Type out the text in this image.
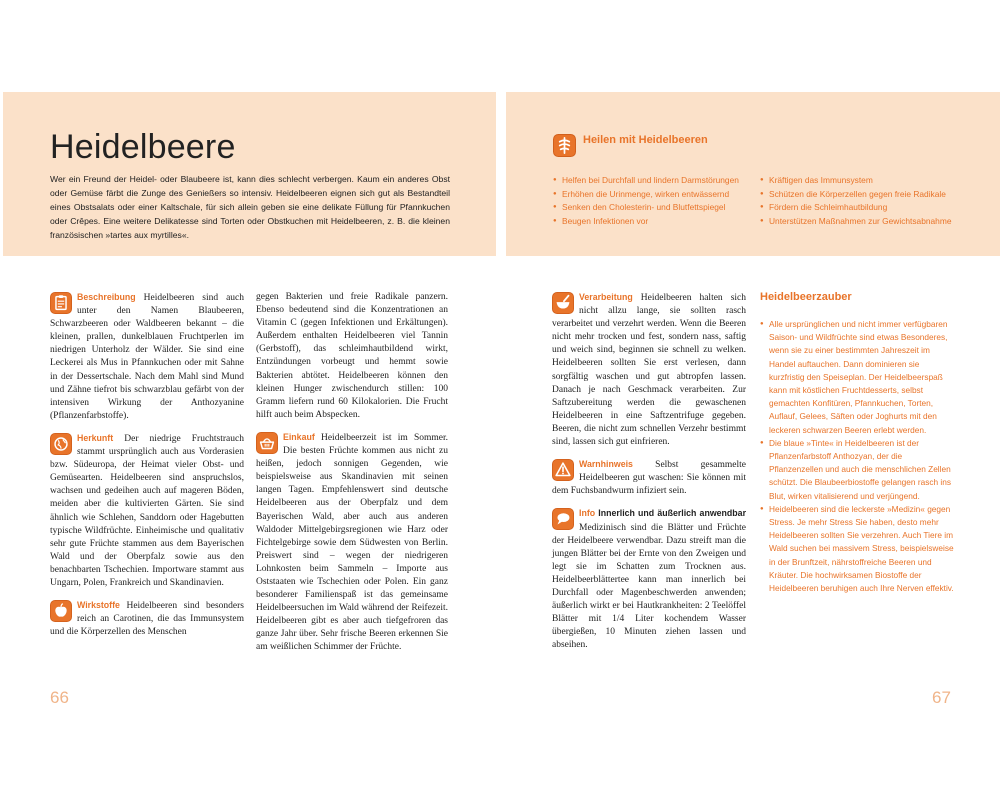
Heidelbeere
Wer ein Freund der Heidel- oder Blaubeere ist, kann dies schlecht verbergen. Kaum ein anderes Obst oder Gemüse färbt die Zunge des Genießers so intensiv. Heidelbeeren eignen sich gut als Bestandteil eines Obstsalats oder einer Kaltschale, für sich allein geben sie eine delikate Füllung für Pfannkuchen oder Crêpes. Eine weitere Delikatesse sind Torten oder Obstkuchen mit Heidelbeeren, z. B. die kleinen französischen »tartes aux myrtilles«.
Heilen mit Heidelbeeren
● Helfen bei Durchfall und lindern Darmstörungen
● Erhöhen die Urinmenge, wirken entwässernd
● Senken den Cholesterin- und Blutfettspiegel
● Beugen Infektionen vor
● Kräftigen das Immunsystem
● Schützen die Körperzellen gegen freie Radikale
● Fördern die Schleimhautbildung
● Unterstützen Maßnahmen zur Gewichtsabnahme

Beschreibung Heidelbeeren sind auch unter den Namen Blaubeeren, Schwarzbeeren oder Waldbeeren bekannt – die kleinen, prallen, dunkelblauen Fruchtperlen im niedrigen Unterholz der Wälder. Sie sind eine Leckerei als Mus in Pfannkuchen oder mit Sahne in der Dessertschale. Nach dem Mahl sind Mund und Zähne tiefrot bis schwarzblau gefärbt von der intensiven Wirkung der Anthozyanine (Pflanzenfarbstoffe).

Herkunft Der niedrige Fruchtstrauch stammt ursprünglich auch aus Vorderasien bzw. Südeuropa, der Heimat vieler Obst- und Gemüsearten. Heidelbeeren sind anspruchslos, wachsen und gedeihen auch auf mageren Böden, meiden aber die kultivierten Gärten. Sie sind ähnlich wie Schlehen, Sanddorn oder Hagebutten typische Wildfrüchte. Einheimische und qualitativ sehr gute Früchte stammen aus dem Bayerischen Wald und der Oberpfalz sowie aus den benachbarten Tschechien. Importware stammt aus Ungarn, Polen, Frankreich und Skandinavien.

Wirkstoffe Heidelbeeren sind besonders reich an Carotinen, die das Immunsystem und die Körperzellen des Menschen

gegen Bakterien und freie Radikale panzern. Ebenso bedeutend sind die Konzentrationen an Vitamin C (gegen Infektionen und Erkältungen). Außerdem enthalten Heidelbeeren viel Tannin (Gerbstoff), das schleimhautbildend wirkt, Entzündungen vorbeugt und hemmt sowie Bakterien abtötet. Heidelbeeren können den kleinen Hunger zwischendurch stillen: 100 Gramm liefern rund 60 Kilokalorien. Die Frucht hilft auch beim Abspecken.

Einkauf Heidelbeerzeit ist im Sommer. Die besten Früchte kommen aus nicht zu heißen, jedoch sonnigen Gegenden, wie beispielsweise aus Skandinavien mit seinen langen Tagen. Empfehlenswert sind deutsche Heidelbeeren aus der Oberpfalz und dem Bayerischen Wald, aber auch aus anderen Waldoder Mittelgebirgsregionen wie Harz oder Fichtelgebirge sowie dem Südwesten von Berlin. Preiswert sind – wegen der niedrigeren Lohnkosten beim Sammeln – Importe aus Oststaaten wie Tschechien oder Polen. Ein ganz besonderer Familienspaß ist das gemeinsame Heidelbeersuchen im Wald während der Reifezeit. Heidelbeeren gibt es aber auch tiefgefroren das ganze Jahr über. Sehr frische Beeren erkennen Sie am weißlichen Schimmer der Früchte.

Verarbeitung Heidelbeeren halten sich nicht allzu lange, sie sollten rasch verarbeitet und verzehrt werden. Wenn die Beeren nicht mehr trocken und fest, sondern nass, saftig und weich sind, beginnen sie schnell zu welken. Heidelbeeren sollten Sie erst verlesen, dann sorgfältig waschen und gut abtropfen lassen. Danach je nach Geschmack verarbeiten. Zur Saftzubereitung werden die gewaschenen Heidelbeeren in eine Saftzentrifuge gegeben. Beeren, die nicht zum schnellen Verzehr bestimmt sind, lassen sich gut einfrieren.

Warnhinweis Selbst gesammelte Heidelbeeren gut waschen: Sie können mit dem Fuchsbandwurm infiziert sein.

Info Innerlich und äußerlich anwendbar Medizinisch sind die Blätter und Früchte der Heidelbeere verwendbar. Dazu streift man die jungen Blätter bei der Ernte von den Zweigen und legt sie im Schatten zum Trocknen aus. Heidelbeerblättertee kann man innerlich bei Durchfall oder Magenbeschwerden anwenden; äußerlich wirkt er bei Hautkrankheiten: 2 Teelöffel Blätter mit 1/4 Liter kochendem Wasser übergießen, 10 Minuten ziehen lassen und abseihen.

Heidelbeerzauber
● Alle ursprünglichen und nicht immer verfügbaren Saison- und Wildfrüchte sind etwas Besonderes, wenn sie zu einer bestimmten Jahreszeit im Handel auftauchen. Dann dominieren sie kurzfristig den Speiseplan. Der Heidelbeerspaß kann mit köstlichen Fruchtdesserts, selbst gemachten Konfitüren, Pfannkuchen, Torten, Auflauf, Gelees, Säften oder Joghurts mit den leckeren schwarzen Beeren erlebt werden.
● Die blaue »Tinte« in Heidelbeeren ist der Pflanzenfarbstoff Anthozyan, der die Pflanzenzellen und auch die menschlichen Zellen schützt. Die Blaubeerbiostoffe gelangen rasch ins Blut, wirken vitalisierend und verjüngend.
● Heidelbeeren sind die leckerste »Medizin« gegen Stress. Je mehr Stress Sie haben, desto mehr Heidelbeeren sollten Sie verzehren. Auch Tiere im Wald suchen bei massivem Stress, beispielsweise in der Brunftzeit, nährstoffreiche Beeren und Kräuter. Die hochwirksamen Biostoffe der Heidelbeeren beruhigen auch Ihre Nerven effektiv.
66	67
